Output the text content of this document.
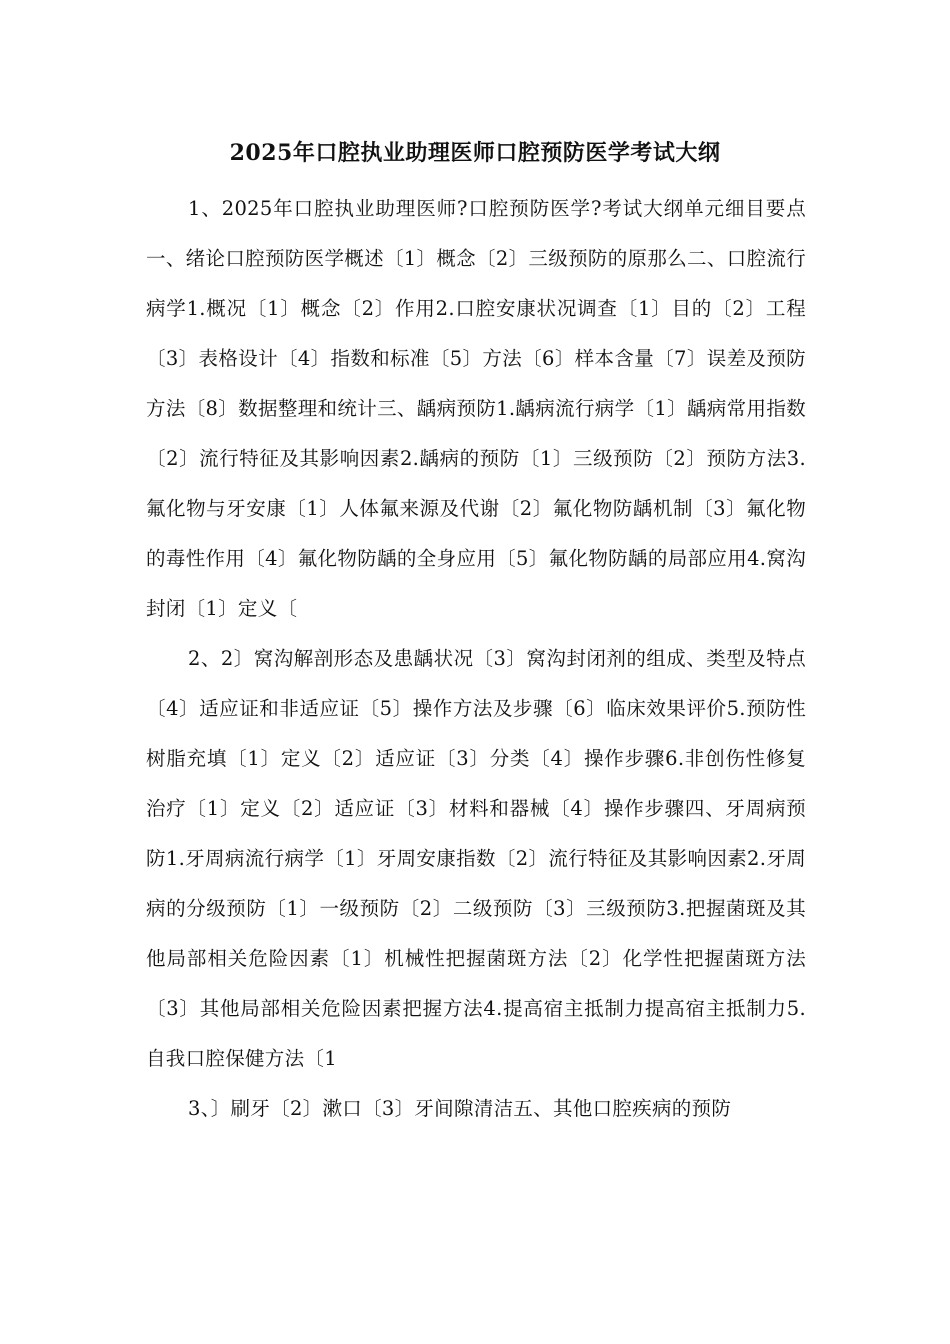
2025年口腔执业助理医师口腔预防医学考试大纲

1、2025年口腔执业助理医师?口腔预防医学?考试大纲单元细目要点一、绪论口腔预防医学概述〔1〕概念〔2〕三级预防的原那么二、口腔流行病学1.概况〔1〕概念〔2〕作用2.口腔安康状况调查〔1〕目的〔2〕工程〔3〕表格设计〔4〕指数和标准〔5〕方法〔6〕样本含量〔7〕误差及预防方法〔8〕数据整理和统计三、龋病预防1.龋病流行病学〔1〕龋病常用指数〔2〕流行特征及其影响因素2.龋病的预防〔1〕三级预防〔2〕预防方法3.氟化物与牙安康〔1〕人体氟来源及代谢〔2〕氟化物防龋机制〔3〕氟化物的毒性作用〔4〕氟化物防龋的全身应用〔5〕氟化物防龋的局部应用4.窝沟封闭〔1〕定义〔

2、2〕窝沟解剖形态及患龋状况〔3〕窝沟封闭剂的组成、类型及特点〔4〕适应证和非适应证〔5〕操作方法及步骤〔6〕临床效果评价5.预防性树脂充填〔1〕定义〔2〕适应证〔3〕分类〔4〕操作步骤6.非创伤性修复治疗〔1〕定义〔2〕适应证〔3〕材料和器械〔4〕操作步骤四、牙周病预防1.牙周病流行病学〔1〕牙周安康指数〔2〕流行特征及其影响因素2.牙周病的分级预防〔1〕一级预防〔2〕二级预防〔3〕三级预防3.把握菌斑及其他局部相关危险因素〔1〕机械性把握菌斑方法〔2〕化学性把握菌斑方法〔3〕其他局部相关危险因素把握方法4.提高宿主抵制力提高宿主抵制力5.自我口腔保健方法〔1

3、〕刷牙〔2〕漱口〔3〕牙间隙清洁五、其他口腔疾病的预防
